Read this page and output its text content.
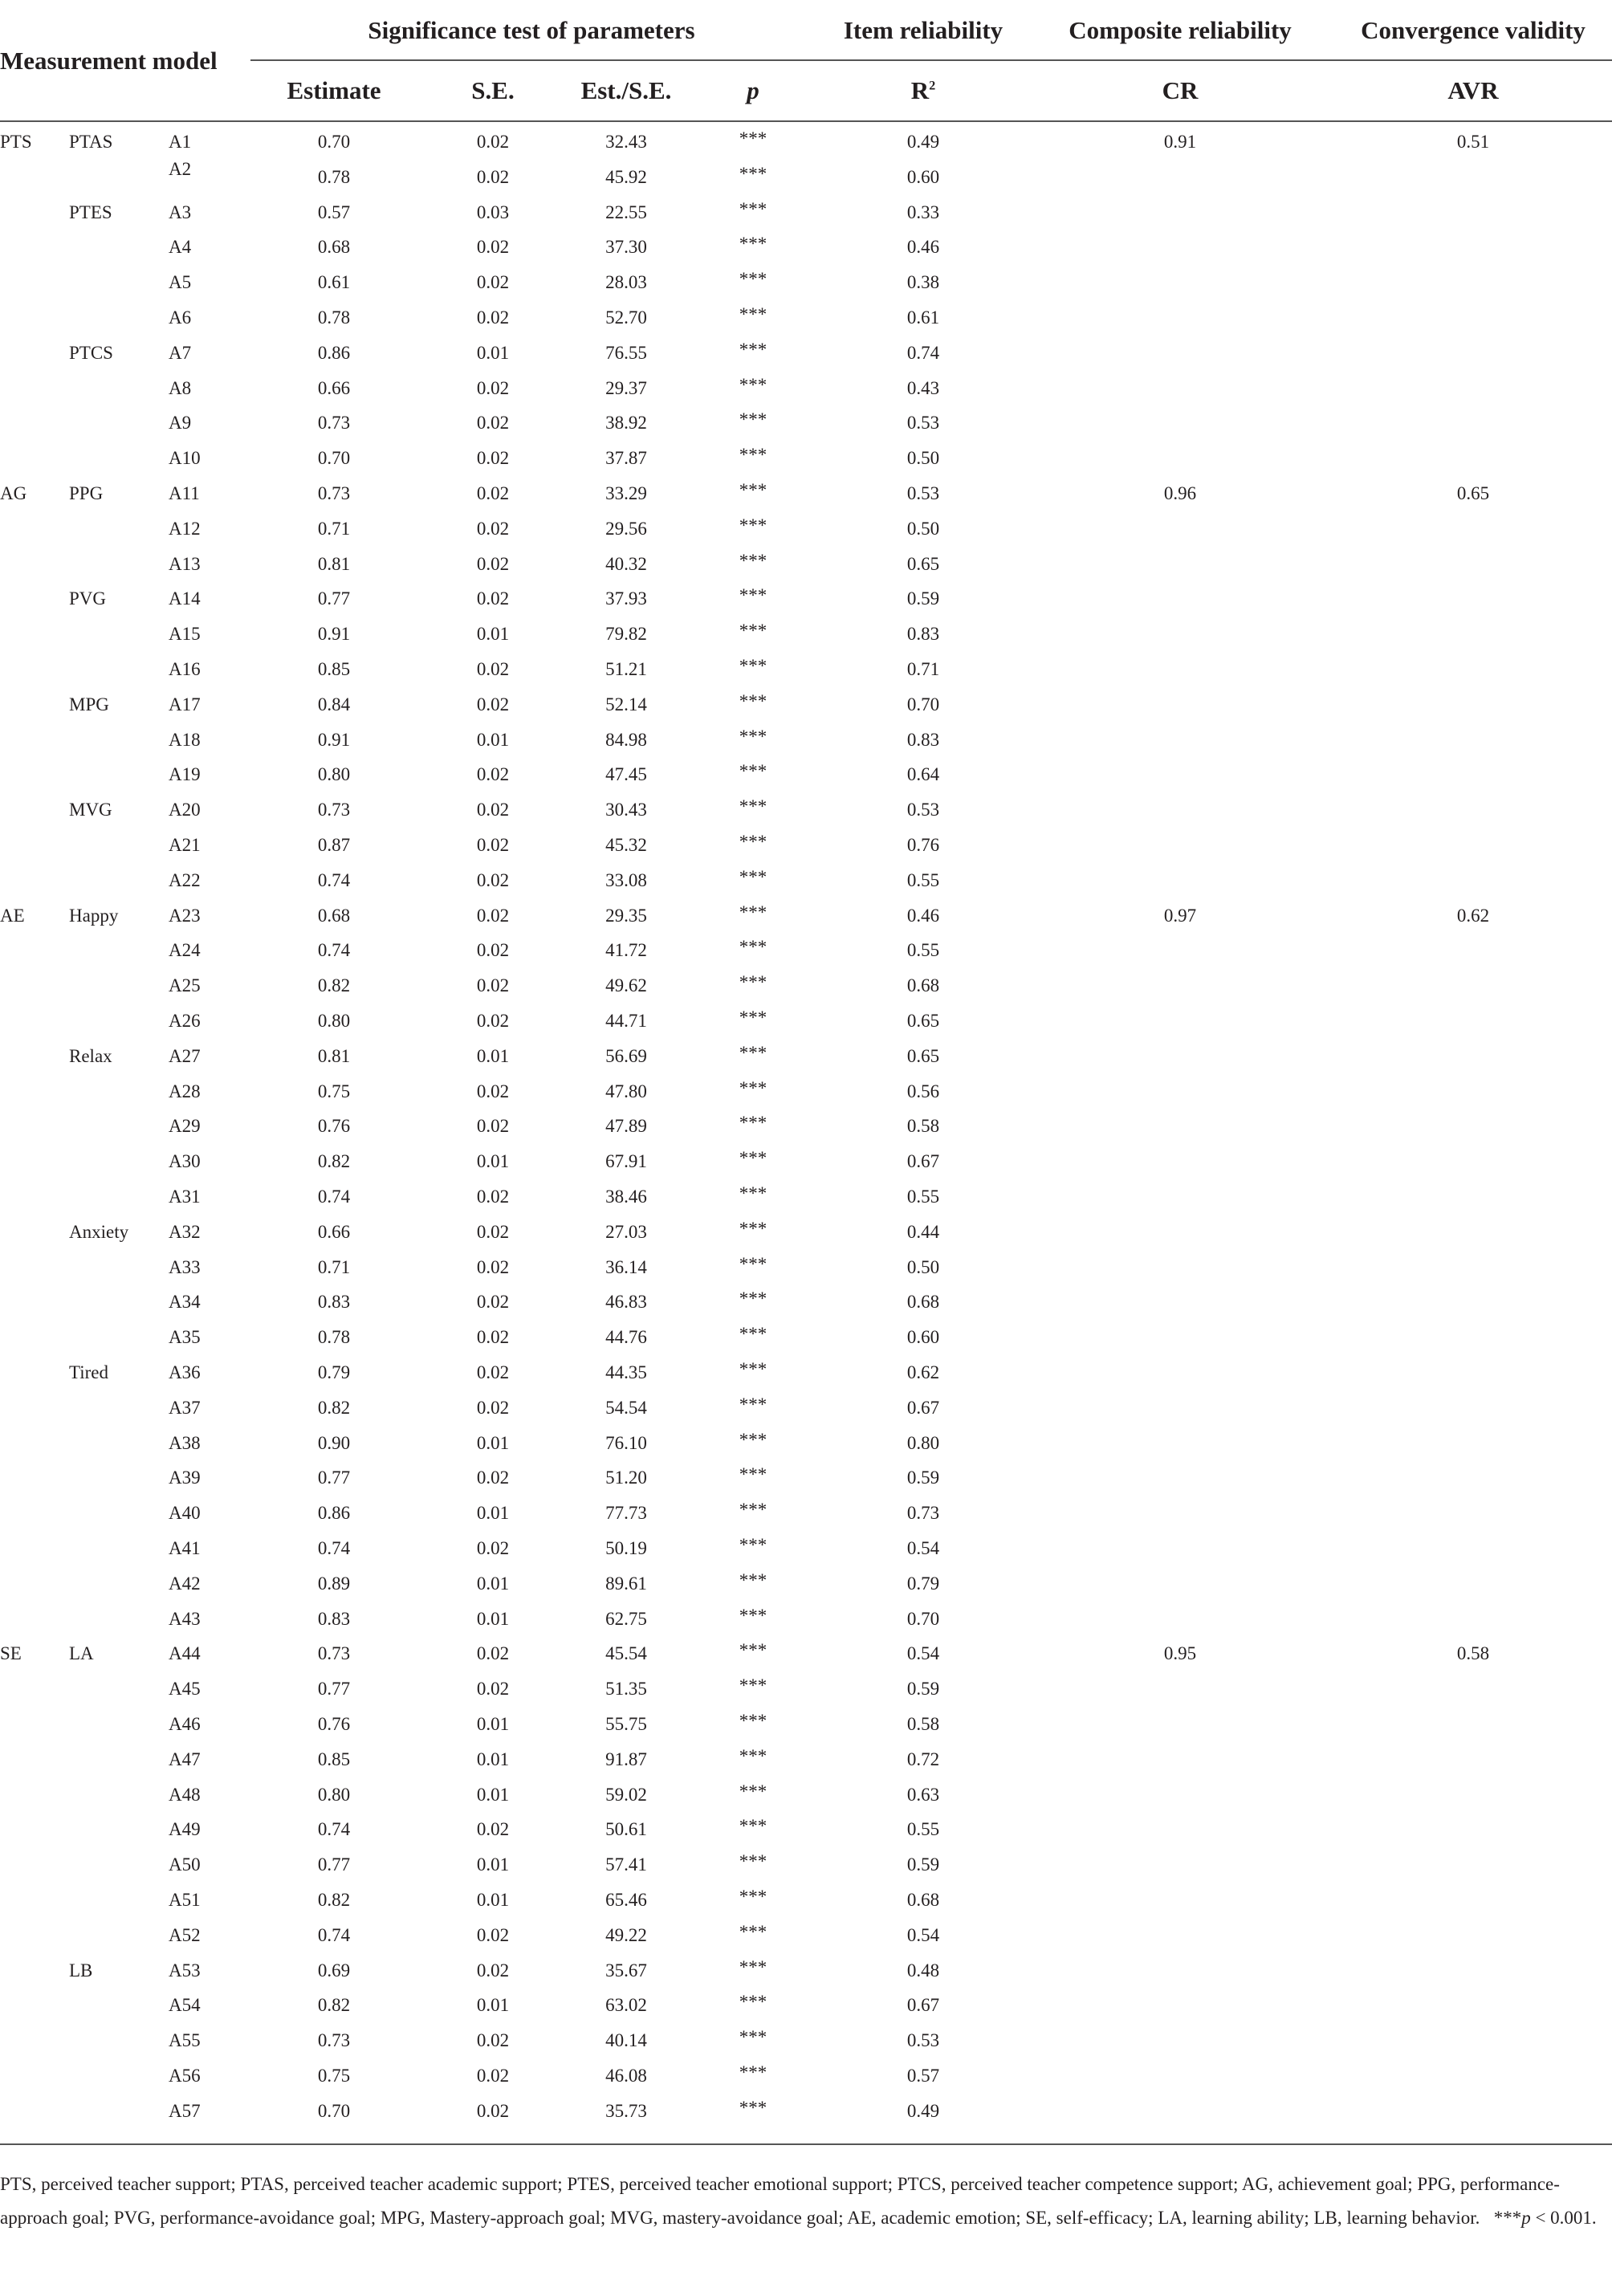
Measurement model
Significance test of parameters	Item reliability	Composite reliability	Convergence validity
Estimate	S.E.	Est./S.E.	p	$R^2$	CR	AVR
PTS PTAS	A1	0.70	0.02	32.43	***	0.49	0.91	0.51
A2	0.78	0.02	45.92	***	0.60
PTES	A3	0.57	0.03	22.55	***	0.33
A4	0.68	0.02	37.30	***	0.46
A5	0.61	0.02	28.03	***	0.38
A6	0.78	0.02	52.70	***	0.61
PTCS	A7	0.86	0.01	76.55	***	0.74
A8	0.66	0.02	29.37	***	0.43
A9	0.73	0.02	38.92	***	0.53
A10	0.70	0.02	37.87	***	0.50
AG PPG	A11	0.73	0.02	33.29	***	0.53	0.96	0.65
A12	0.71	0.02	29.56	***	0.50
A13	0.81	0.02	40.32	***	0.65
PVG	A14	0.77	0.02	37.93	***	0.59
A15	0.91	0.01	79.82	***	0.83
A16	0.85	0.02	51.21	***	0.71
MPG	A17	0.84	0.02	52.14	***	0.70
A18	0.91	0.01	84.98	***	0.83
A19	0.80	0.02	47.45	***	0.64
MVG	A20	0.73	0.02	30.43	***	0.53
A21	0.87	0.02	45.32	***	0.76
A22	0.74	0.02	33.08	***	0.55
AE Happy	A23	0.68	0.02	29.35	***	0.46	0.97	0.62
A24	0.74	0.02	41.72	***	0.55
A25	0.82	0.02	49.62	***	0.68
A26	0.80	0.02	44.71	***	0.65
Relax	A27	0.81	0.01	56.69	***	0.65
A28	0.75	0.02	47.80	***	0.56
A29	0.76	0.02	47.89	***	0.58
A30	0.82	0.01	67.91	***	0.67
A31	0.74	0.02	38.46	***	0.55
Anxiety A32	0.66	0.02	27.03	***	0.44
A33	0.71	0.02	36.14	***	0.50
A34	0.83	0.02	46.83	***	0.68
A35	0.78	0.02	44.76	***	0.60
Tired	A36	0.79	0.02	44.35	***	0.62
A37	0.82	0.02	54.54	***	0.67
A38	0.90	0.01	76.10	***	0.80
A39	0.77	0.02	51.20	***	0.59
A40	0.86	0.01	77.73	***	0.73
A41	0.74	0.02	50.19	***	0.54
A42	0.89	0.01	89.61	***	0.79
A43	0.83	0.01	62.75	***	0.70
SE	LA	A44	0.73	0.02	45.54	***	0.54	0.95	0.58
A45	0.77	0.02	51.35	***	0.59
A46	0.76	0.01	55.75	***	0.58
A47	0.85	0.01	91.87	***	0.72
A48	0.80	0.01	59.02	***	0.63
A49	0.74	0.02	50.61	***	0.55
A50	0.77	0.01	57.41	***	0.59
A51	0.82	0.01	65.46	***	0.68
A52	0.74	0.02	49.22	***	0.54
LB	A53	0.69	0.02	35.67	***	0.48
A54	0.82	0.01	63.02	***	0.67
A55	0.73	0.02	40.14	***	0.53
A56	0.75	0.02	46.08	***	0.57
A57	0.70	0.02	35.73	***	0.49
PTS, perceived teacher support; PTAS, perceived teacher academic support; PTES, perceived teacher emotional support; PTCS, perceived teacher competence support; AG, achievement goal; PPG, performance-approach goal; PVG, performance-avoidance goal; MPG, Mastery-approach goal; MVG, mastery-avoidance goal; AE, academic emotion; SE, self-efficacy; LA, learning ability; LB, learning behavior. ***p < 0.001.
